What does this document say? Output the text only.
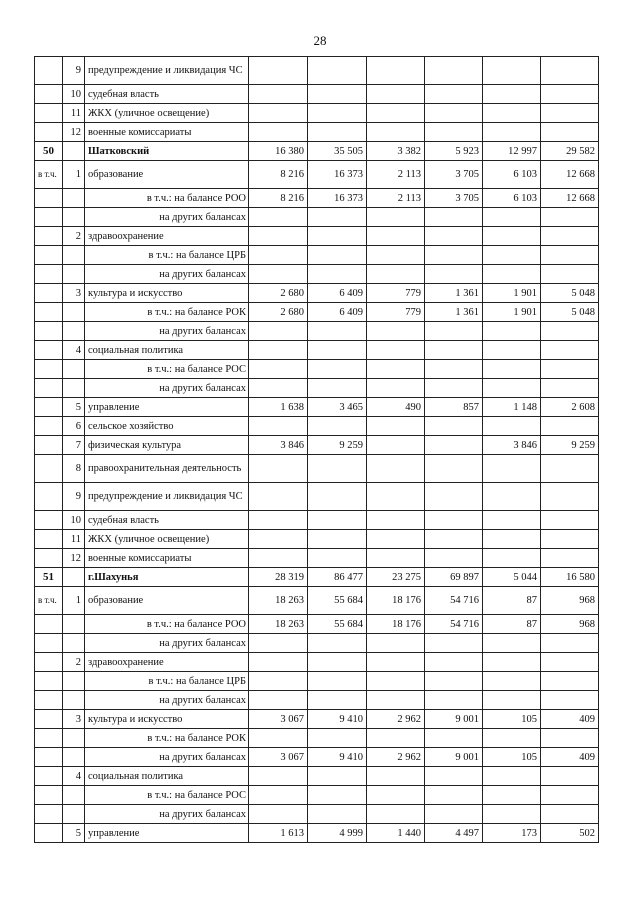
28
	9	предупреждение и ликвидация ЧС						
	10	судебная власть						
	11	ЖКХ (уличное освещение)						
	12	военные комиссариаты						
50		Шатковский	16 380	35 505	3 382	5 923	12 997	29 582
в т.ч.	1	образование	8 216	16 373	2 113	3 705	6 103	12 668
		в т.ч.: на балансе РОО	8 216	16 373	2 113	3 705	6 103	12 668
		на других балансах						
	2	здравоохранение						
		в т.ч.: на балансе ЦРБ						
		на других балансах						
	3	культура и искусство	2 680	6 409	779	1 361	1 901	5 048
		в т.ч.: на балансе РОК	2 680	6 409	779	1 361	1 901	5 048
		на других балансах						
	4	социальная политика						
		в т.ч.: на балансе РОС						
		на других балансах						
	5	управление	1 638	3 465	490	857	1 148	2 608
	6	сельское хозяйство						
	7	физическая культура	3 846	9 259			3 846	9 259
	8	правоохранительная деятельность						
	9	предупреждение и ликвидация ЧС						
	10	судебная власть						
	11	ЖКХ (уличное освещение)						
	12	военные комиссариаты						
51		г.Шахунья	28 319	86 477	23 275	69 897	5 044	16 580
в т.ч.	1	образование	18 263	55 684	18 176	54 716	87	968
		в т.ч.: на балансе РОО	18 263	55 684	18 176	54 716	87	968
		на других балансах						
	2	здравоохранение						
		в т.ч.: на балансе ЦРБ						
		на других балансах						
	3	культура и искусство	3 067	9 410	2 962	9 001	105	409
		в т.ч.: на балансе РОК						
		на других балансах	3 067	9 410	2 962	9 001	105	409
	4	социальная политика						
		в т.ч.: на балансе РОС						
		на других балансах						
	5	управление	1 613	4 999	1 440	4 497	173	502
